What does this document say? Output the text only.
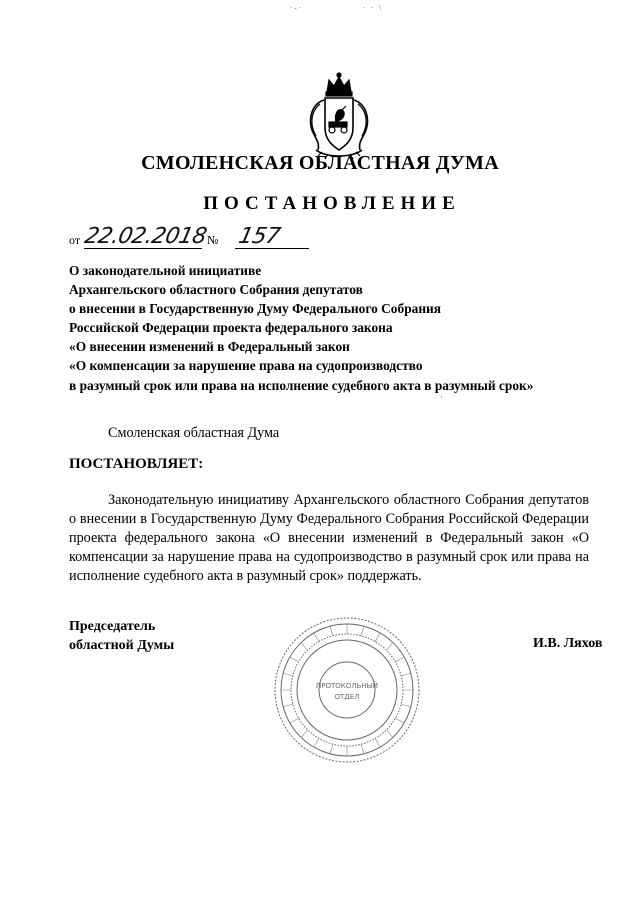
·‑·	· · \
СМОЛЕНСКАЯ ОБЛАСТНАЯ ДУМА
ПОСТАНОВЛЕНИЕ
от 22.02.2018
№ 157
О законодательной инициативе
Архангельского областного Собрания депутатов
о внесении в Государственную Думу Федерального Собрания
Российской Федерации проекта федерального закона
«О внесении изменений в Федеральный закон
«О компенсации за нарушение права на судопроизводство
в разумный срок или права на исполнение судебного акта в разумный срок»
·
Смоленская областная Дума
ПОСТАНОВЛЯЕТ:
Законодательную инициативу Архангельского областного Собрания депутатов о внесении в Государственную Думу Федерального Собрания Российской Федерации проекта федерального закона «О внесении изменений в Федеральный закон «О компенсации за нарушение права на судопроизводство в разумный срок или права на исполнение судебного акта в разумный срок» поддержать.
Председатель
областной Думы
ПРОТОКОЛЬНЫЙ
ОТДЕЛ
И.В. Ляхов
